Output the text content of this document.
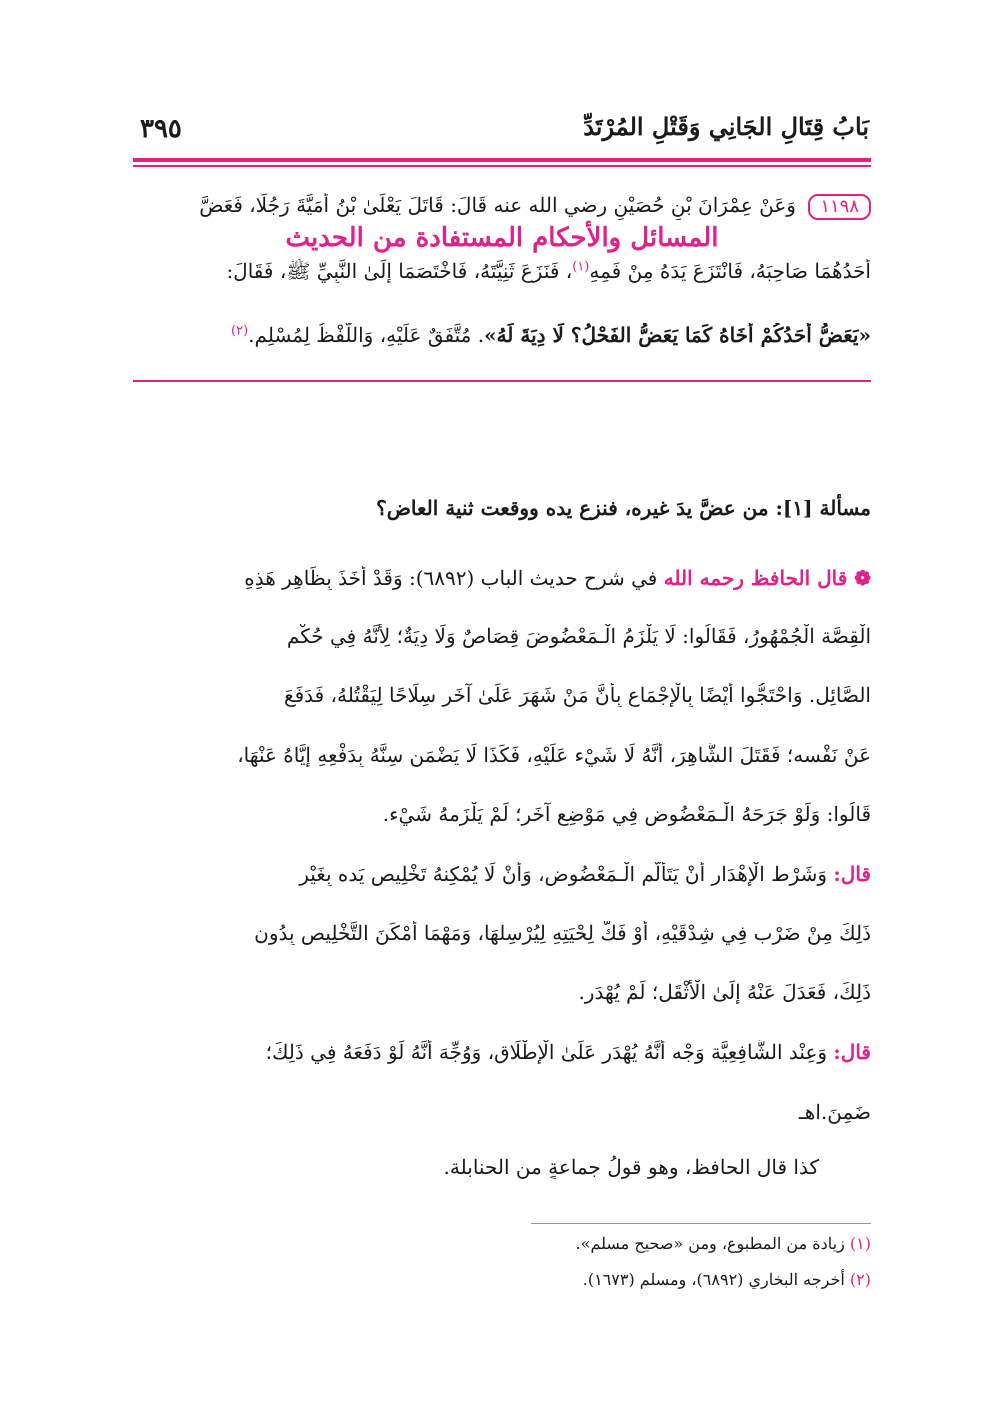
بَابُ قِتَالِ الجَانِي وَقَتْلِ المُرْتَدِّ
٣٩٥
١١٩٨ وَعَنْ عِمْرَانَ بْنِ حُصَيْنٍ رضي الله عنه قَالَ: قَاتَلَ يَعْلَىٰ بْنُ أُمَيَّةَ رَجُلًا، فَعَضَّ
أَحَدُهُمَا صَاحِبَهُ، فَانْتَزَعَ يَدَهُ مِنْ فَمِهِ$^{(١)}$، فَنَزَعَ ثَنِيَّتَهُ، فَاخْتَصَمَا إِلَىٰ النَّبِيِّ ﷺ، فَقَالَ:
«يَعَضُّ أَحَدُكُمْ أَخَاهُ كَمَا يَعَضُّ الفَحْلُ؟ لَا دِيَةَ لَهُ». مُتَّفَقٌ عَلَيْهِ، وَاللَّفْظُ لِمُسْلِمٍ.$^{(٢)}$
المسائل والأحكام المستفادة من الحديث
مسألة [١]: من عضَّ يدَ غيره، فنزع يده ووقعت ثنية العاض؟
❁ قال الحافظ رحمه الله في شرح حديث الباب (٦٨٩٢): وَقَدْ أَخَذَ بِظَاهِرِ هَذِهِ
الْقِصَّة الْجُمْهُورُ، فَقَالُوا: لَا يَلْزَمُ الْـمَعْضُوضَ قِصَاصٌ وَلَا دِيَةٌ؛ لِأَنَّهُ فِي حُكْم
الصَّائِل. وَاحْتَجُّوا أَيْضًا بِالْإِجْمَاعِ بِأَنَّ مَنْ شَهَرَ عَلَىٰ آخَر سِلَاحًا لِيَقْتُلهُ، فَدَفَعَ
عَنْ نَفْسه؛ فَقَتَلَ الشَّاهِرَ، أَنَّهُ لَا شَيْء عَلَيْهِ، فَكَذَا لَا يَضْمَن سِنَّهُ بِدَفْعِهِ إِيَّاهُ عَنْهَا،
قَالُوا: وَلَوْ جَرَحَهُ الْـمَعْضُوض فِي مَوْضِع آخَر؛ لَمْ يَلْزَمهُ شَيْء.
قال: وَشَرْط الْإِهْدَار أَنْ يَتَأَلَّم الْـمَعْضُوض، وَأَنْ لَا يُمْكِنهُ تَخْلِيص يَده بِغَيْرِ
ذَلِكَ مِنْ ضَرْب فِي شِدْقَيْهِ، أَوْ فَكّ لِحْيَتِهِ لِيُرْسِلهَا، وَمَهْمَا أَمْكَنَ التَّخْلِيص بِدُونِ
ذَلِكَ، فَعَدَلَ عَنْهُ إِلَىٰ الْأَثْقَل؛ لَمْ يُهْدَر.
قال: وَعِنْد الشَّافِعِيَّة وَجْه أَنَّهُ يُهْدَر عَلَىٰ الْإِطْلَاق، وَوُجِّهَ أَنَّهُ لَوْ دَفَعَهُ فِي ذَلِكَ؛
ضَمِنَ.اهـ
كذا قال الحافظ، وهو قولُ جماعةٍ من الحنابلة.
(١) زيادة من المطبوع، ومن «صحيح مسلم».
(٢) أخرجه البخاري (٦٨٩٢)، ومسلم (١٦٧٣).
